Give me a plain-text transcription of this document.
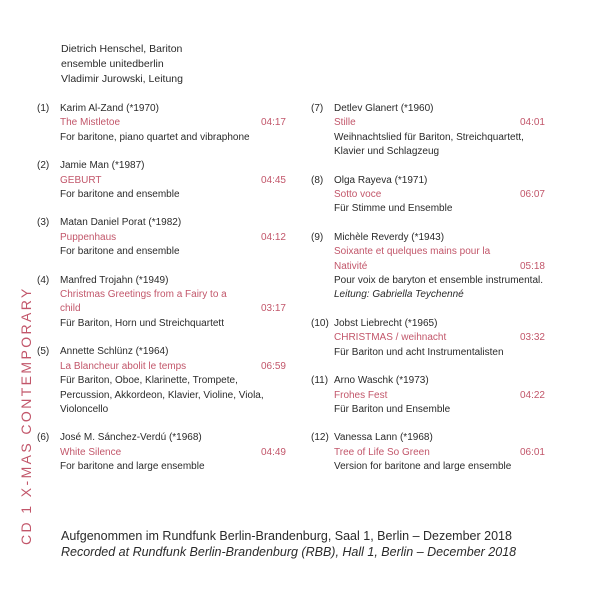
Dietrich Henschel, Bariton
ensemble unitedberlin
Vladimir Jurowski, Leitung
(1) Karim Al-Zand (*1970)
The Mistletoe	04:17
For baritone, piano quartet and vibraphone
(2) Jamie Man (*1987)
GEBURT	04:45
For baritone and ensemble
(3) Matan Daniel Porat (*1982)
Puppenhaus	04:12
For baritone and ensemble
(4) Manfred Trojahn (*1949)
Christmas Greetings from a Fairy to a child	03:17
Für Bariton, Horn und Streichquartett
(5) Annette Schlünz (*1964)
La Blancheur abolit le temps	06:59
Für Bariton, Oboe, Klarinette, Trompete, Percussion, Akkordeon, Klavier, Violine, Viola, Violoncello
(6) José M. Sánchez-Verdú (*1968)
White Silence	04:49
For baritone and large ensemble
(7) Detlev Glanert (*1960)
Stille	04:01
Weihnachtslied für Bariton, Streichquartett, Klavier und Schlagzeug
(8) Olga Rayeva (*1971)
Sotto voce	06:07
Für Stimme und Ensemble
(9) Michèle Reverdy (*1943)
Soixante et quelques mains pour la Nativité	05:18
Pour voix de baryton et ensemble instrumental. Leitung: Gabriella Teychenné
(10) Jobst Liebrecht (*1965)
CHRISTMAS / weihnacht	03:32
Für Bariton und acht Instrumentalisten
(11) Arno Waschk (*1973)
Frohes Fest	04:22
Für Bariton und Ensemble
(12) Vanessa Lann (*1968)
Tree of Life So Green	06:01
Version for baritone and large ensemble
CD 1 X-MAS CONTEMPORARY Aufgenommen im Rundfunk Berlin-Brandenburg, Saal 1, Berlin – Dezember 2018
Recorded at Rundfunk Berlin-Brandenburg (RBB), Hall 1, Berlin – December 2018
